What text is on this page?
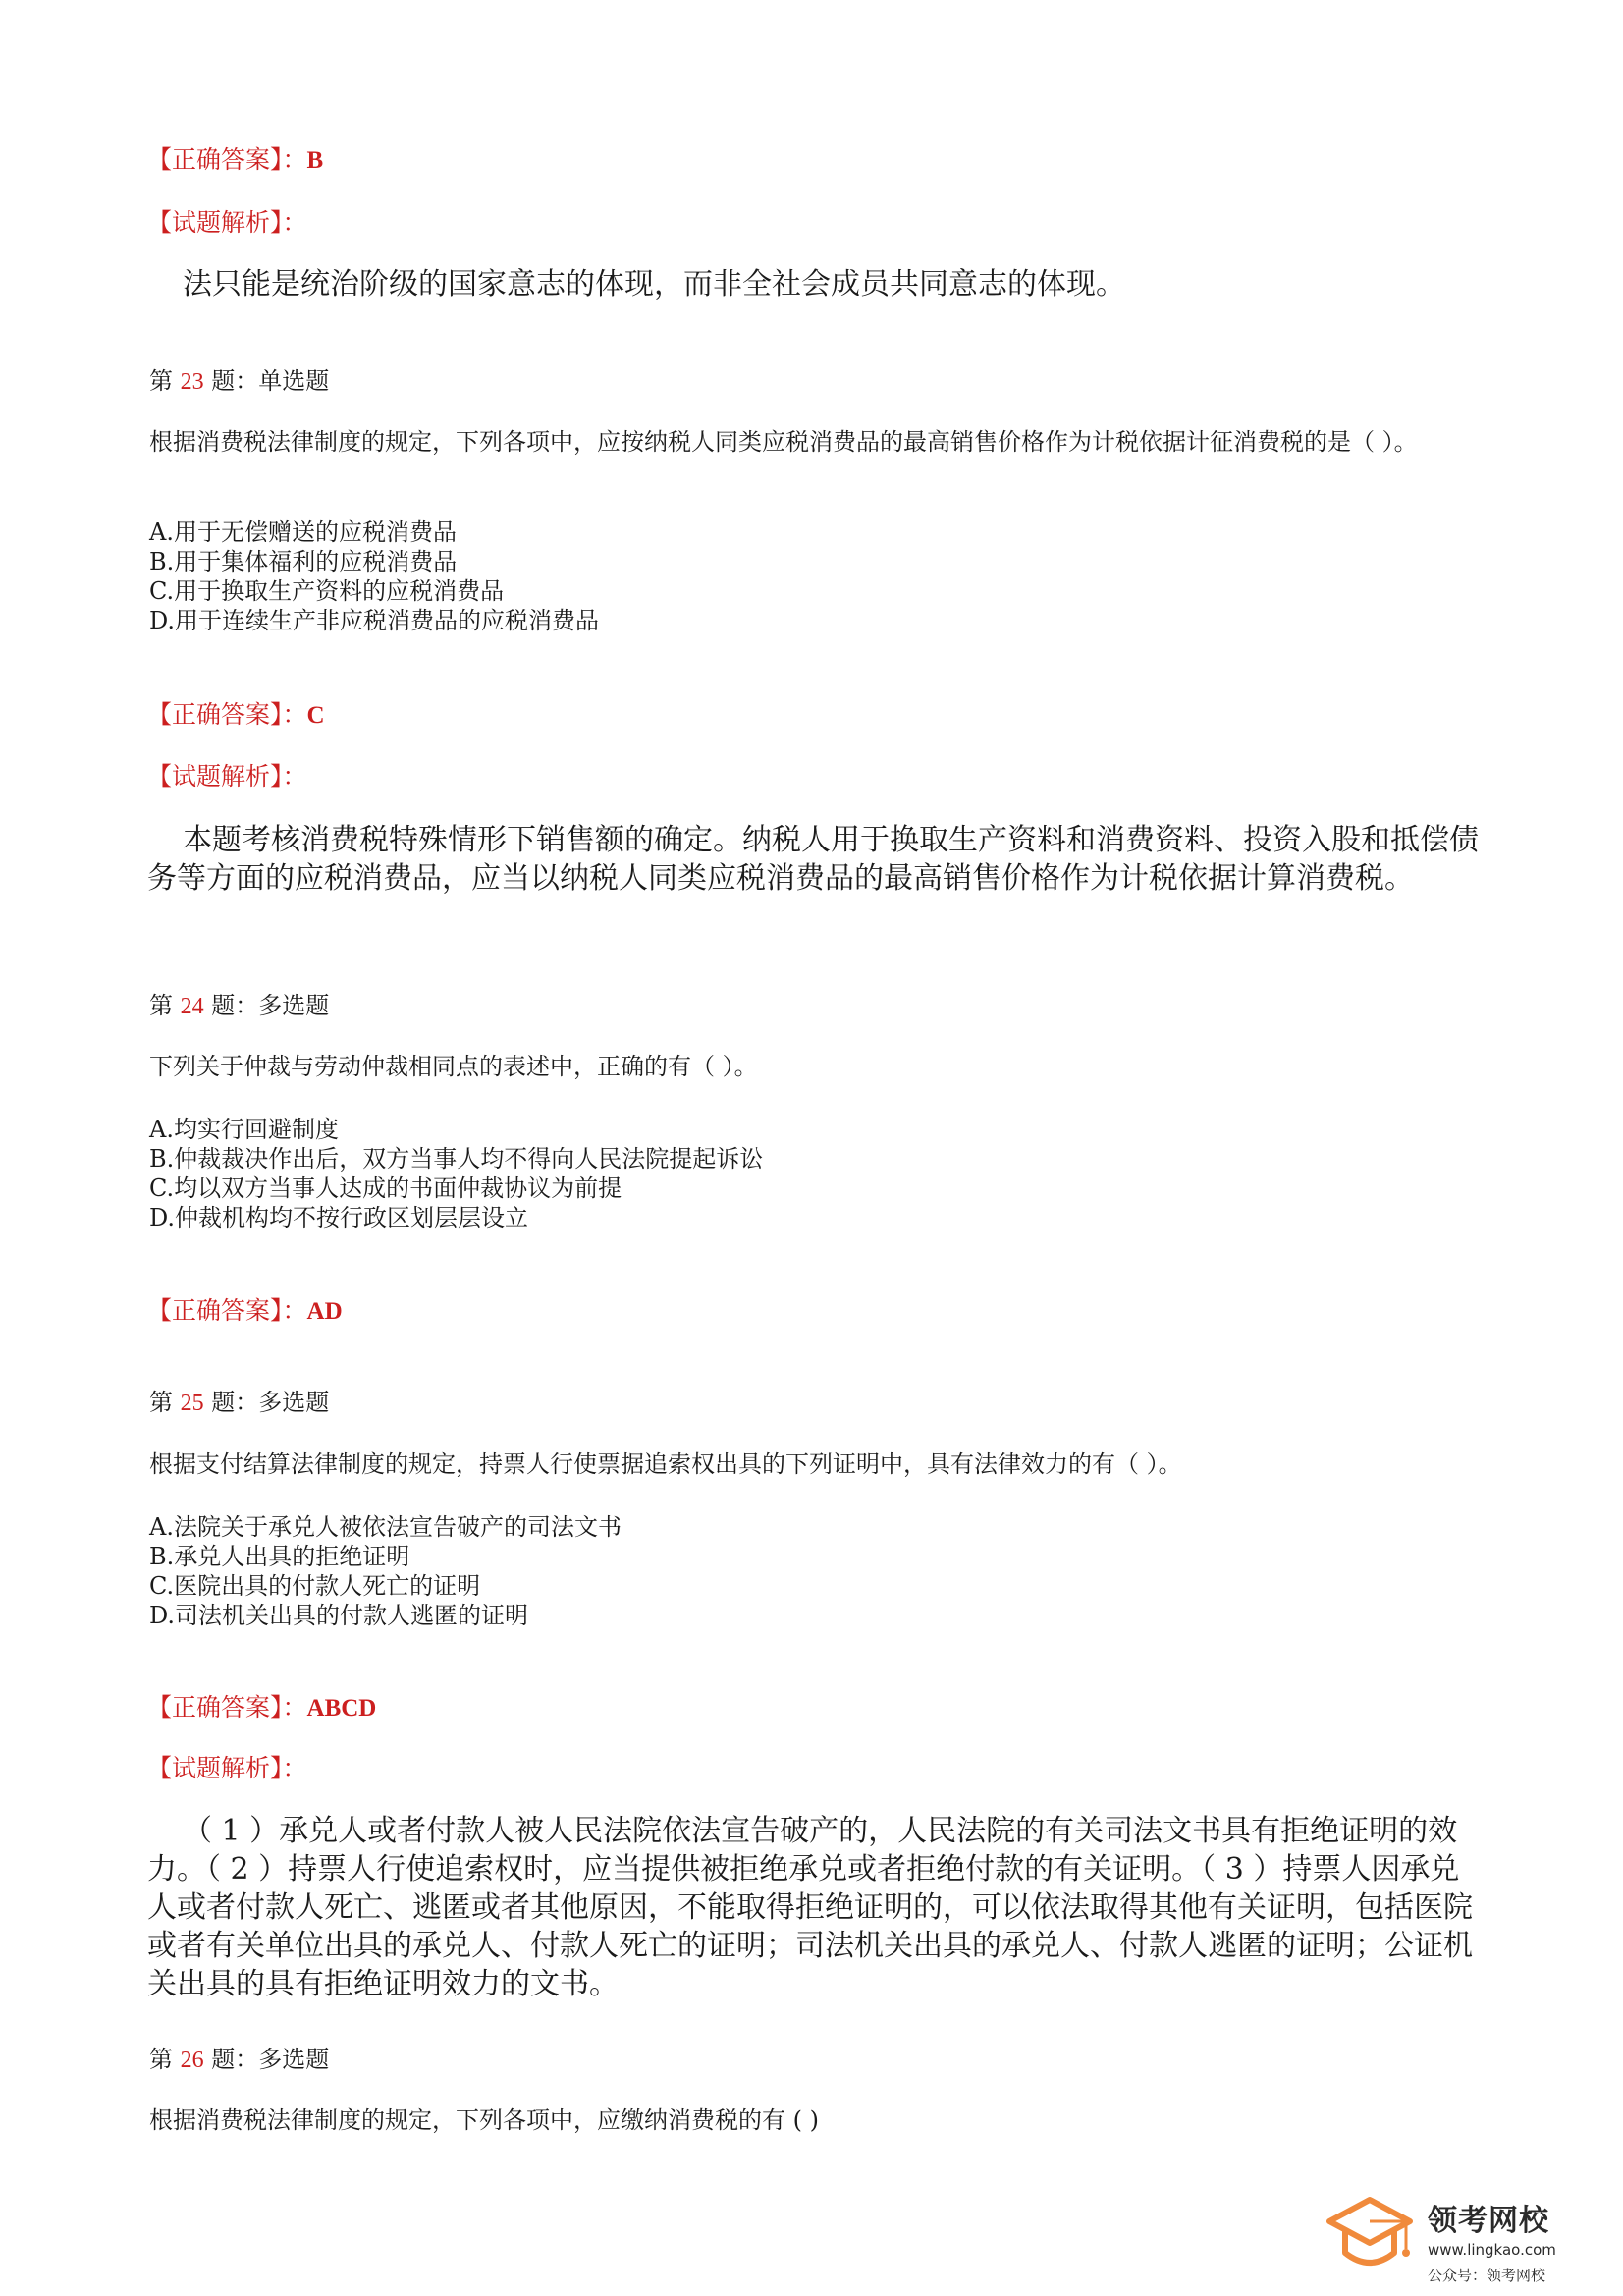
【正确答案】：B
【试题解析】：
法只能是统治阶级的国家意志的体现，而非全社会成员共同意志的体现。
第 23 题：单选题
根据消费税法律制度的规定，下列各项中，应按纳税人同类应税消费品的最高销售价格作为计税依据计征消费税的是（ ）。
A.用于无偿赠送的应税消费品
B.用于集体福利的应税消费品
C.用于换取生产资料的应税消费品
D.用于连续生产非应税消费品的应税消费品
【正确答案】：C
【试题解析】：
本题考核消费税特殊情形下销售额的确定。纳税人用于换取生产资料和消费资料、投资入股和抵偿债务等方面的应税消费品，应当以纳税人同类应税消费品的最高销售价格作为计税依据计算消费税。
第 24 题：多选题
下列关于仲裁与劳动仲裁相同点的表述中，正确的有（ ）。
A.均实行回避制度
B.仲裁裁决作出后，双方当事人均不得向人民法院提起诉讼
C.均以双方当事人达成的书面仲裁协议为前提
D.仲裁机构均不按行政区划层层设立
【正确答案】：AD
第 25 题：多选题
根据支付结算法律制度的规定，持票人行使票据追索权出具的下列证明中，具有法律效力的有（ ）。
A.法院关于承兑人被依法宣告破产的司法文书
B.承兑人出具的拒绝证明
C.医院出具的付款人死亡的证明
D.司法机关出具的付款人逃匿的证明
【正确答案】：ABCD
【试题解析】：
（ 1 ）承兑人或者付款人被人民法院依法宣告破产的，人民法院的有关司法文书具有拒绝证明的效力。（ 2 ）持票人行使追索权时，应当提供被拒绝承兑或者拒绝付款的有关证明。（ 3 ）持票人因承兑人或者付款人死亡、逃匿或者其他原因，不能取得拒绝证明的，可以依法取得其他有关证明，包括医院或者有关单位出具的承兑人、付款人死亡的证明；司法机关出具的承兑人、付款人逃匿的证明；公证机关出具的具有拒绝证明效力的文书。
第 26 题：多选题
根据消费税法律制度的规定，下列各项中，应缴纳消费税的有 ( )
领考网校
www.lingkao.com
公众号：领考网校
